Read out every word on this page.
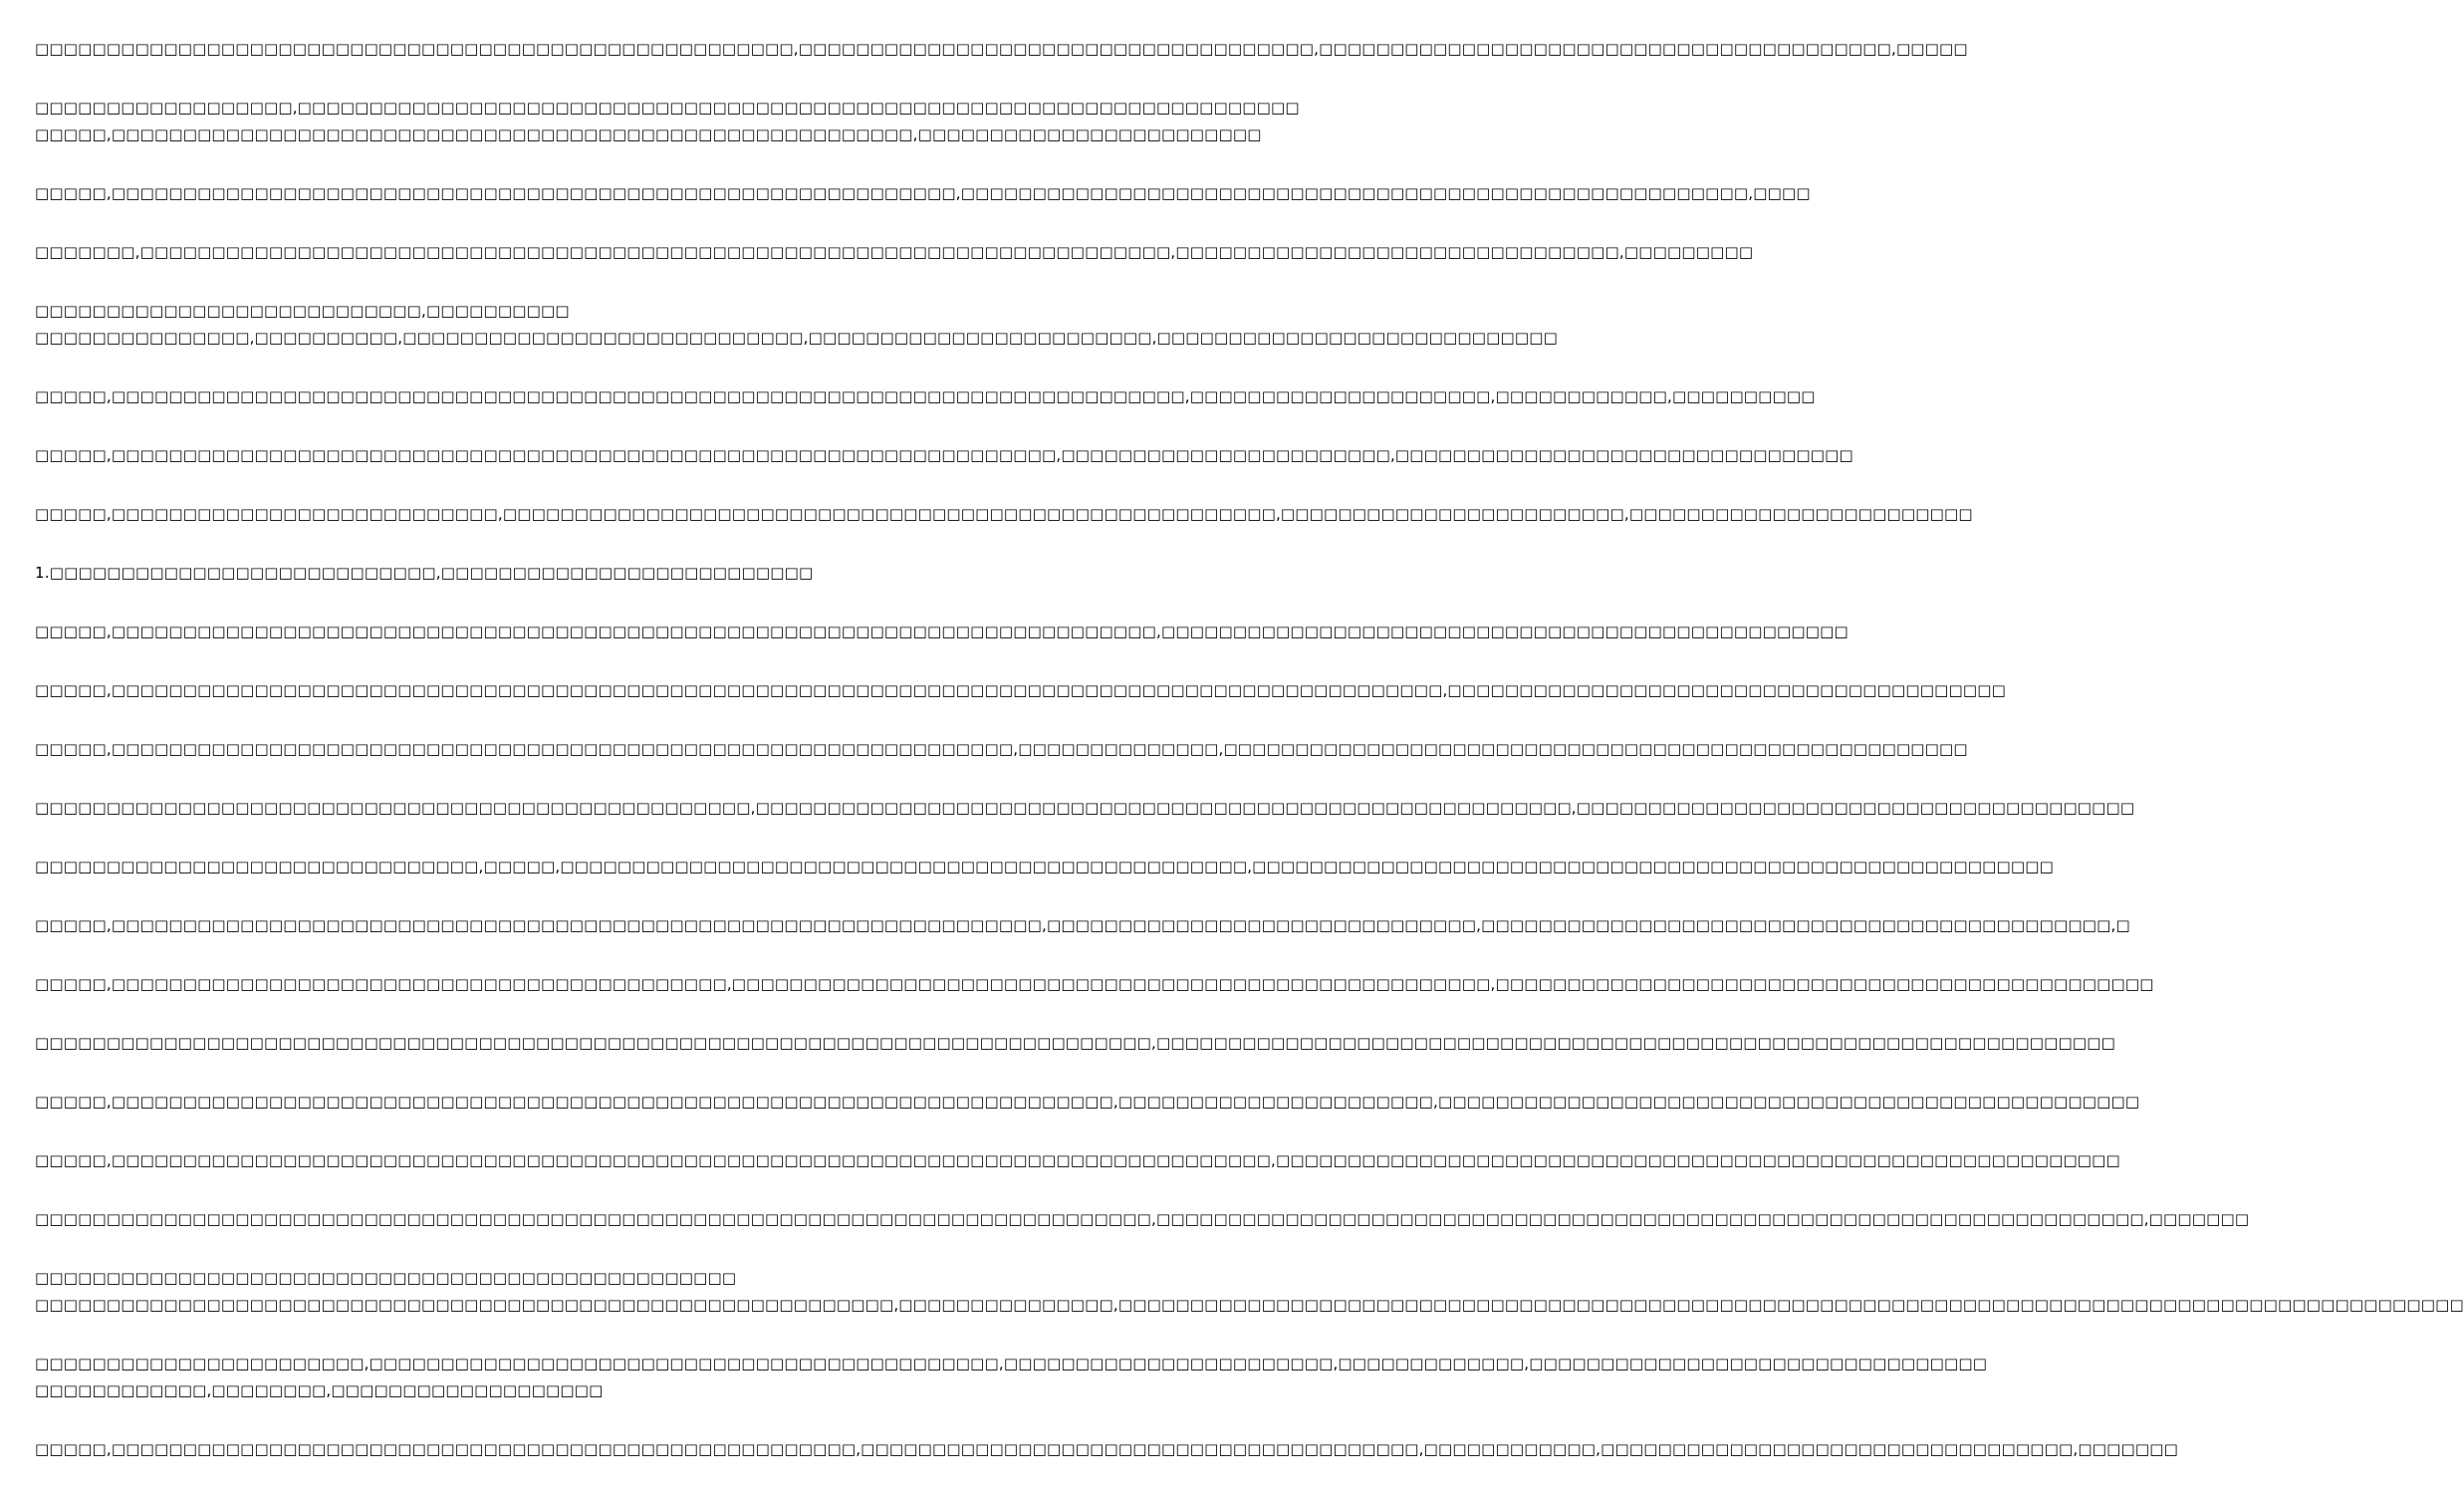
□□□□□□□□□□□□□□□□□□□□□□□□□□□□□□□□□□□□□□□□□□□□□□□□□□□□□,□□□□□□□□□□□□□□□□□□□□□□□□□□□□□□□□□□□□,□□□□□□□□□□□□□□□□□□□□□□□□□□□□□□□□□□□□□□□□,□□□□□
□□□□□□□□□□□□□□□□□□,□□□□□□□□□□□□□□□□□□□□□□□□□□□□□□□□□□□□□□□□□□□□□□□□□□□□□□□□□□□□□□□□□□□□□□
□□□□□,□□□□□□□□□□□□□□□□□□□□□□□□□□□□□□□□□□□□□□□□□□□□□□□□□□□□□□□□,□□□□□□□□□□□□□□□□□□□□□□□□
□□□□□,□□□□□□□□□□□□□□□□□□□□□□□□□□□□□□□□□□□□□□□□□□□□□□□□□□□□□□□□□□□,□□□□□□□□□□□□□□□□□□□□□□□□□□□□□□□□□□□□□□□□□□□□□□□□□□□□□□□,□□□□
□□□□□□□,□□□□□□□□□□□□□□□□□□□□□□□□□□□□□□□□□□□□□□□□□□□□□□□□□□□□□□□□□□□□□□□□□□□□□□□□,□□□□□□□□□□□□□□□□□□□□□□□□□□□□□□□,□□□□□□□□□
□□□□□□□□□□□□□□□□□□□□□□□□□□□,□□□□□□□□□□
□□□□□□□□□□□□□□□,□□□□□□□□□□,□□□□□□□□□□□□□□□□□□□□□□□□□□□□,□□□□□□□□□□□□□□□□□□□□□□□□,□□□□□□□□□□□□□□□□□□□□□□□□□□□□
□□□□□,□□□□□□□□□□□□□□□□□□□□□□□□□□□□□□□□□□□□□□□□□□□□□□□□□□□□□□□□□□□□□□□□□□□□□□□□□□□,□□□□□□□□□□□□□□□□□□□□□,□□□□□□□□□□□□,□□□□□□□□□□
□□□□□,□□□□□□□□□□□□□□□□□□□□□□□□□□□□□□□□□□□□□□□□□□□□□□□□□□□□□□□□□□□□□□□□□□,□□□□□□□□□□□□□□□□□□□□□□□,□□□□□□□□□□□□□□□□□□□□□□□□□□□□□□□□
□□□□□,□□□□□□□□□□□□□□□□□□□□□□□□□□□,□□□□□□□□□□□□□□□□□□□□□□□□□□□□□□□□□□□□□□□□□□□□□□□□□□□□□□,□□□□□□□□□□□□□□□□□□□□□□□□,□□□□□□□□□□□□□□□□□□□□□□□□
1.□□□□□□□□□□□□□□□□□□□□□□□□□□□,□□□□□□□□□□□□□□□□□□□□□□□□□□
□□□□□,□□□□□□□□□□□□□□□□□□□□□□□□□□□□□□□□□□□□□□□□□□□□□□□□□□□□□□□□□□□□□□□□□□□□□□□□□,□□□□□□□□□□□□□□□□□□□□□□□□□□□□□□□□□□□□□□□□□□□□□□□□
□□□□□,□□□□□□□□□□□□□□□□□□□□□□□□□□□□□□□□□□□□□□□□□□□□□□□□□□□□□□□□□□□□□□□□□□□□□□□□□□□□□□□□□□□□□□□□□□□□□,□□□□□□□□□□□□□□□□□□□□□□□□□□□□□□□□□□□□□□□
□□□□□,□□□□□□□□□□□□□□□□□□□□□□□□□□□□□□□□□□□□□□□□□□□□□□□□□□□□□□□□□□□□□□□,□□□□□□□□□□□□□□,□□□□□□□□□□□□□□□□□□□□□□□□□□□□□□□□□□□□□□□□□□□□□□□□□□□□
□□□□□□□□□□□□□□□□□□□□□□□□□□□□□□□□□□□□□□□□□□□□□□□□□□,□□□□□□□□□□□□□□□□□□□□□□□□□□□□□□□□□□□□□□□□□□□□□□□□□□□□□□□□□,□□□□□□□□□□□□□□□□□□□□□□□□□□□□□□□□□□□□□□□
□□□□□□□□□□□□□□□□□□□□□□□□□□□□□□□,□□□□□,□□□□□□□□□□□□□□□□□□□□□□□□□□□□□□□□□□□□□□□□□□□□□□□□,□□□□□□□□□□□□□□□□□□□□□□□□□□□□□□□□□□□□□□□□□□□□□□□□□□□□□□□□
□□□□□,□□□□□□□□□□□□□□□□□□□□□□□□□□□□□□□□□□□□□□□□□□□□□□□□□□□□□□□□□□□□□□□□□,□□□□□□□□□□□□□□□□□□□□□□□□□□□□□□,□□□□□□□□□□□□□□□□□□□□□□□□□□□□□□□□□□□□□□□□□□□□,□
□□□□□,□□□□□□□□□□□□□□□□□□□□□□□□□□□□□□□□□□□□□□□□□□□,□□□□□□□□□□□□□□□□□□□□□□□□□□□□□□□□□□□□□□□□□□□□□□□□□□□□□,□□□□□□□□□□□□□□□□□□□□□□□□□□□□□□□□□□□□□□□□□□□□□□
□□□□□□□□□□□□□□□□□□□□□□□□□□□□□□□□□□□□□□□□□□□□□□□□□□□□□□□□□□□□□□□□□□□□□□□□□□□□□□,□□□□□□□□□□□□□□□□□□□□□□□□□□□□□□□□□□□□□□□□□□□□□□□□□□□□□□□□□□□□□□□□□□□
□□□□□,□□□□□□□□□□□□□□□□□□□□□□□□□□□□□□□□□□□□□□□□□□□□□□□□□□□□□□□□□□□□□□□□□□□□□□,□□□□□□□□□□□□□□□□□□□□□□,□□□□□□□□□□□□□□□□□□□□□□□□□□□□□□□□□□□□□□□□□□□□□□□□□
□□□□□,□□□□□□□□□□□□□□□□□□□□□□□□□□□□□□□□□□□□□□□□□□□□□□□□□□□□□□□□□□□□□□□□□□□□□□□□□□□□□□□□□,□□□□□□□□□□□□□□□□□□□□□□□□□□□□□□□□□□□□□□□□□□□□□□□□□□□□□□□□□□□
□□□□□□□□□□□□□□□□□□□□□□□□□□□□□□□□□□□□□□□□□□□□□□□□□□□□□□□□□□□□□□□□□□□□□□□□□□□□□□,□□□□□□□□□□□□□□□□□□□□□□□□□□□□□□□□□□□□□□□□□□□□□□□□□□□□□□□□□□□□□□□□□□□□□,□□□□□□□
□□□□□□□□□□□□□□□□□□□□□□□□□□□□□□□□□□□□□□□□□□□□□□□□□
□□□□□□□□□□□□□□□□□□□□□□□□□□□□□□□□□□□□□□□□□□□□□□□□□□□□□□□□□□□□,□□□□□□□□□□□□□□□,□□□□□□□□□□□□□□□□□□□□□□□□□□□□□□□□□□□□□□□□□□□□□□□□□□□□□□□□□□□□□□□□□□□□□□□□□□□□□□□□□□□□□□□□□□□□□□
□□□□□□□□□□□□□□□□□□□□□□□,□□□□□□□□□□□□□□□□□□□□□□□□□□□□□□□□□□□□□□□□□□□□,□□□□□□□□□□□□□□□□□□□□□□□,□□□□□□□□□□□□□,□□□□□□□□□□□□□□□□□□□□□□□□□□□□□□□□
□□□□□□□□□□□□,□□□□□□□□,□□□□□□□□□□□□□□□□□□□
□□□□□,□□□□□□□□□□□□□□□□□□□□□□□□□□□□□□□□□□□□□□□□□□□□□□□□□□□□,□□□□□□□□□□□□□□□□□□□□□□□□□□□□□□□□□□□□□□□,□□□□□□□□□□□□,□□□□□□□□□□□□□□□□□□□□□□□□□□□□□□□□□,□□□□□□□
